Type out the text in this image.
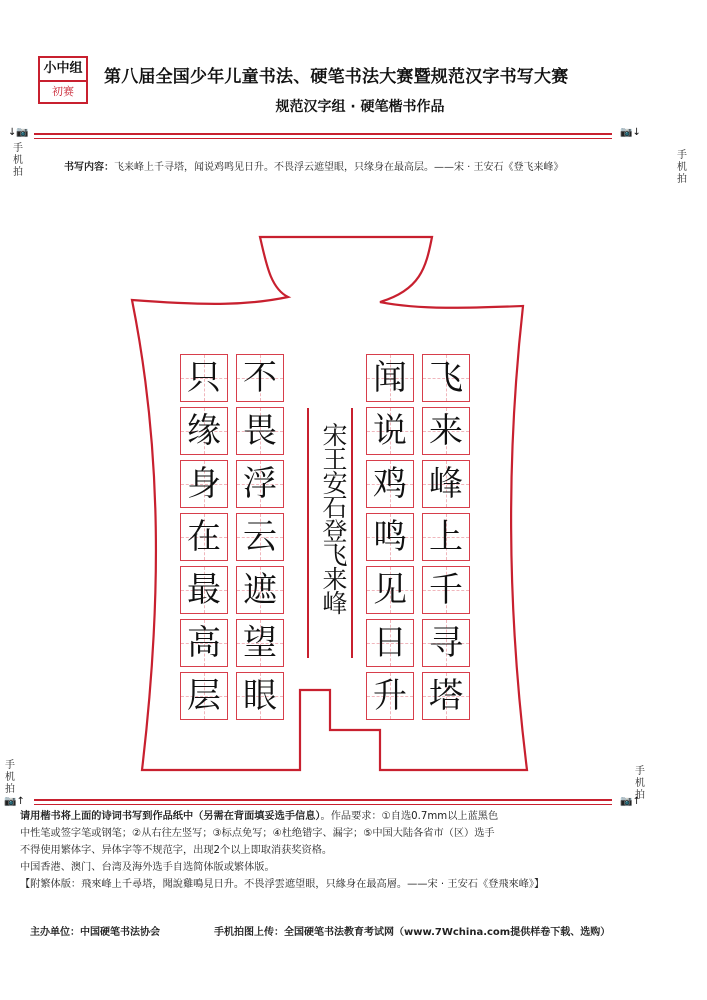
小中组
初赛
第八届全国少年儿童书法、硬笔书法大赛暨规范汉字书写大赛
规范汉字组 · 硬笔楷书作品
↓📷	📷↓
手机拍
手机拍
书写内容：飞来峰上千寻塔，闻说鸡鸣见日升。不畏浮云遮望眼，只缘身在最高层。——宋 · 王安石《登飞来峰》
飞
来
峰
上
千
寻
塔
闻
说
鸡
鸣
见
日
升
不
畏
浮
云
遮
望
眼
只
缘
身
在
最
高
层
宋王安石登飞来峰
手机拍
📷↑
手机拍
📷↑

请用楷书将上面的诗词书写到作品纸中（另需在背面填妥选手信息）。作品要求：①自选0.7mm以上蓝黑色

中性笔或签字笔或钢笔；②从右往左竖写；③标点免写；④杜绝错字、漏字；⑤中国大陆各省市（区）选手

不得使用繁体字、异体字等不规范字，出现2个以上即取消获奖资格。

中国香港、澳门、台湾及海外选手自选简体版或繁体版。

【附繁体版：飛來峰上千尋塔，聞說雞鳴見日升。不畏浮雲遮望眼，只緣身在最高層。——宋 · 王安石《登飛來峰》】

主办单位：中国硬笔书法协会	手机拍图上传：全国硬笔书法教育考试网（www.7Wchina.com提供样卷下载、选购）
